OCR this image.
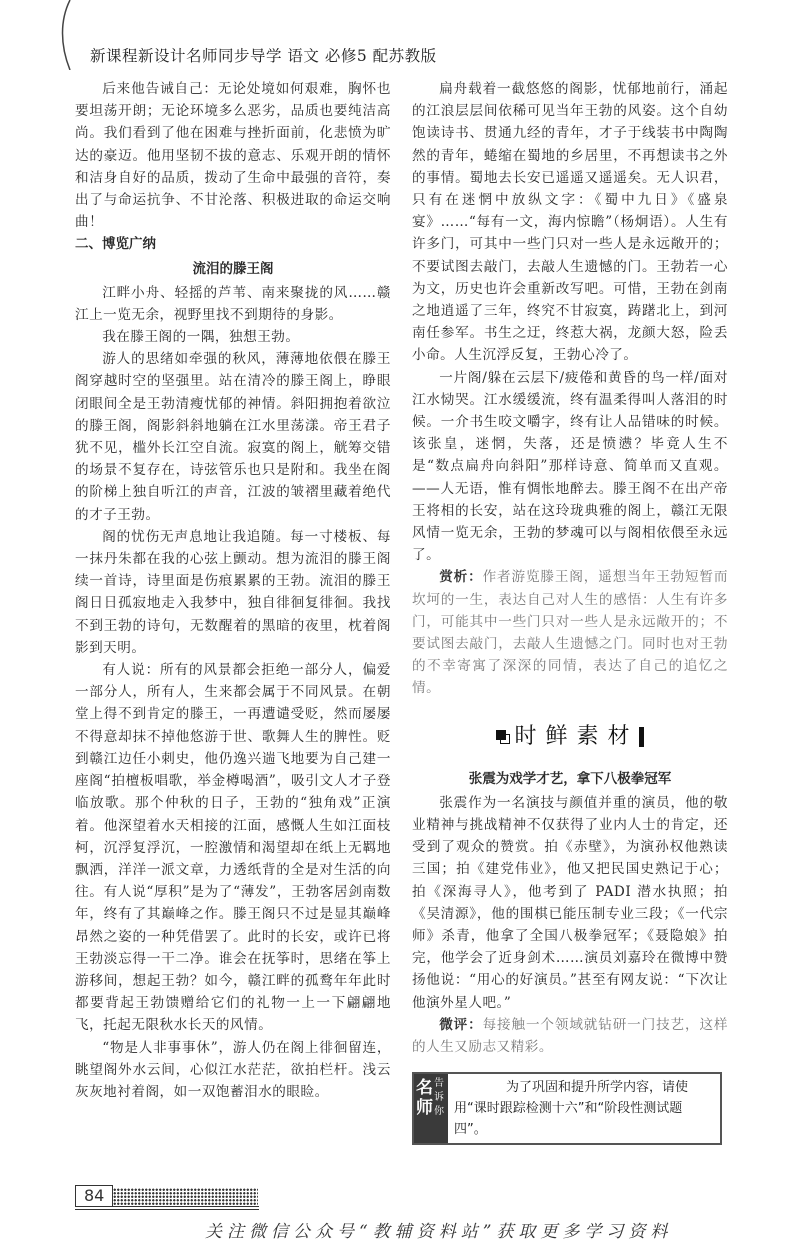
新课程新设计名师同步导学 语文 必修5 配苏教版

后来他告诫自己：无论处境如何艰难，胸怀也要坦荡开朗；无论环境多么恶劣，品质也要纯洁高尚。我们看到了他在困难与挫折面前，化悲愤为旷达的豪迈。他用坚韧不拔的意志、乐观开朗的情怀和洁身自好的品质，拨动了生命中最强的音符，奏出了与命运抗争、不甘沦落、积极进取的命运交响曲！

二、博览广纳
流泪的滕王阁

江畔小舟、轻摇的芦苇、南来聚拢的风……赣江上一览无余，视野里找不到期待的身影。

我在滕王阁的一隅，独想王勃。

游人的思绪如牵强的秋风，薄薄地依偎在滕王阁穿越时空的坚强里。站在清冷的滕王阁上，睁眼闭眼间全是王勃清瘦忧郁的神情。斜阳拥抱着欲泣的滕王阁，阁影斜斜地躺在江水里荡漾。帝王君子犹不见，槛外长江空自流。寂寞的阁上，觥筹交错的场景不复存在，诗弦管乐也只是附和。我坐在阁的阶梯上独自听江的声音，江波的皱褶里藏着绝代的才子王勃。

阁的忧伤无声息地让我追随。每一寸楼板、每一抹丹朱都在我的心弦上颤动。想为流泪的滕王阁续一首诗，诗里面是伤痕累累的王勃。流泪的滕王阁日日孤寂地走入我梦中，独自徘徊复徘徊。我找不到王勃的诗句，无数醒着的黑暗的夜里，枕着阁影到天明。

有人说：所有的风景都会拒绝一部分人，偏爱一部分人，所有人，生来都会属于不同风景。在朝堂上得不到肯定的滕王，一再遭谴受贬，然而屡屡不得意却抹不掉他悠游于世、歌舞人生的脾性。贬到赣江边任小刺史，他仍逸兴遄飞地要为自己建一座阁“拍檀板唱歌，举金樽喝酒”，吸引文人才子登临放歌。那个仲秋的日子，王勃的“独角戏”正演着。他深望着水天相接的江面，感慨人生如江面枝柯，沉浮复浮沉，一腔激情和渴望却在纸上无羁地飘洒，洋洋一派文章，力透纸背的全是对生活的向往。有人说“厚积”是为了“薄发”，王勃客居剑南数年，终有了其巅峰之作。滕王阁只不过是显其巅峰昂然之姿的一种凭借罢了。此时的长安，或许已将王勃淡忘得一干二净。谁会在抚筝时，思绪在筝上游移间，想起王勃？如今，赣江畔的孤鹜年年此时都要背起王勃馈赠给它们的礼物一上一下翩翩地飞，托起无限秋水长天的风情。

“物是人非事事休”，游人仍在阁上徘徊留连，眺望阁外水云间，心似江水茫茫，欲拍栏杆。浅云灰灰地衬着阁，如一双饱蓄泪水的眼睑。

扁舟载着一截悠悠的阁影，忧郁地前行，涌起的江浪层层间依稀可见当年王勃的风姿。这个自幼饱读诗书、贯通九经的青年，才子于线装书中陶陶然的青年，蜷缩在蜀地的乡居里，不再想读书之外的事情。蜀地去长安已遥遥又遥遥矣。无人识君，只有在迷惘中放纵文字：《蜀中九日》《盛泉宴》……“每有一文，海内惊瞻”（杨炯语）。人生有许多门，可其中一些门只对一些人是永远敞开的；不要试图去敲门，去敲人生遗憾的门。王勃若一心为文，历史也许会重新改写吧。可惜，王勃在剑南之地逍遥了三年，终究不甘寂寞，踌躇北上，到河南任参军。书生之迂，终惹大祸，龙颜大怒，险丢小命。人生沉浮反复，王勃心冷了。

一片阁/躲在云层下/疲倦和黄昏的鸟一样/面对江水恸哭。江水缓缓流，终有温柔得叫人落泪的时候。一介书生咬文嚼字，终有让人品错味的时候。该张皇，迷惘，失落，还是愤懑？毕竟人生不是“数点扁舟向斜阳”那样诗意、简单而又直观。——人无语，惟有惆怅地醉去。滕王阁不在出产帝王将相的长安，站在这玲珑典雅的阁上，赣江无限风情一览无余，王勃的梦魂可以与阁相依偎至永远了。

赏析：作者游览滕王阁，遥想当年王勃短暂而坎坷的一生，表达自己对人生的感悟：人生有许多门，可能其中一些门只对一些人是永远敞开的；不要试图去敲门，去敲人生遗憾之门。同时也对王勃的不幸寄寓了深深的同情，表达了自己的追忆之情。

时鲜素材
张震为戏学才艺，拿下八极拳冠军

张震作为一名演技与颜值并重的演员，他的敬业精神与挑战精神不仅获得了业内人士的肯定，还受到了观众的赞赏。拍《赤壁》，为演孙权他熟读三国；拍《建党伟业》，他又把民国史熟记于心；拍《深海寻人》，他考到了 PADI 潜水执照；拍《吴清源》，他的围棋已能压制专业三段；《一代宗师》杀青，他拿了全国八极拳冠军；《聂隐娘》拍完，他学会了近身剑术……演员刘嘉玲在微博中赞扬他说：“用心的好演员。”甚至有网友说：“下次让他演外星人吧。”

微评：每接触一个领域就钻研一门技艺，这样的人生又励志又精彩。

名师
告诉你
为了巩固和提升所学内容，请使用“课时跟踪检测十六”和“阶段性测试题四”。
84
关注微信公众号“教辅资料站”获取更多学习资料
